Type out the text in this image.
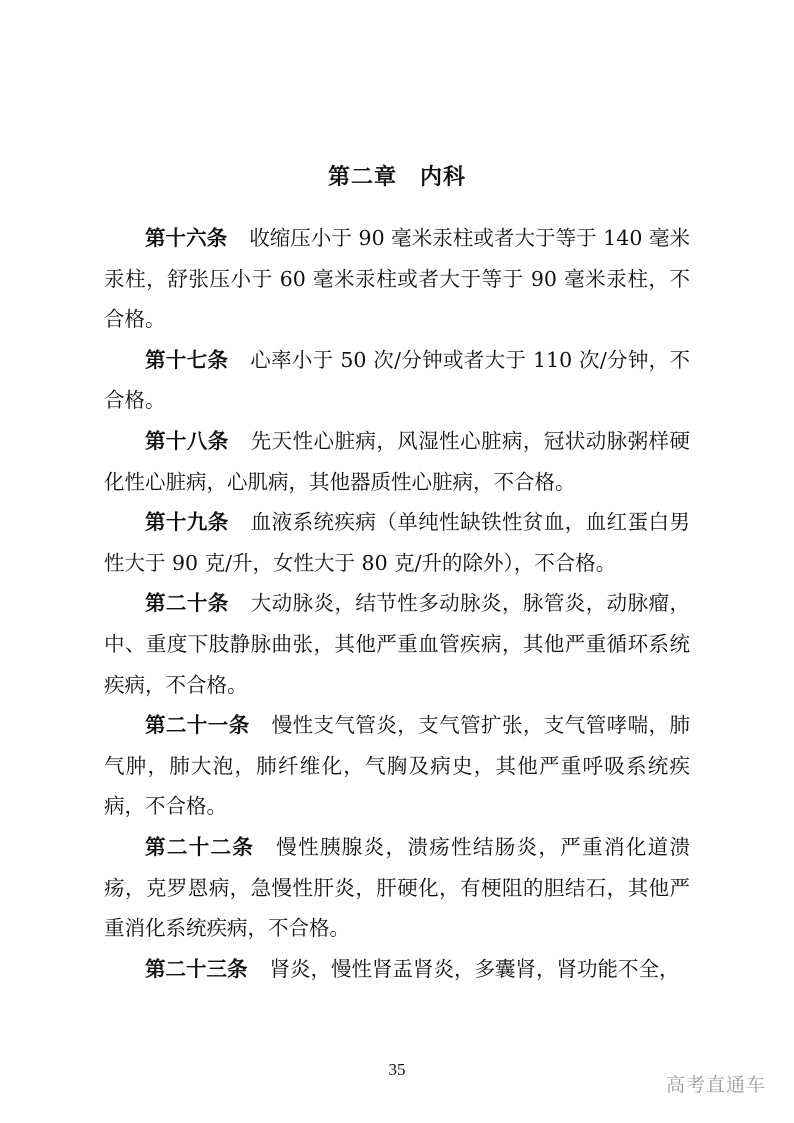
第二章　内科

第十六条 收缩压小于 90 毫米汞柱或者大于等于 140 毫米汞柱，舒张压小于 60 毫米汞柱或者大于等于 90 毫米汞柱，不合格。

第十七条 心率小于 50 次/分钟或者大于 110 次/分钟，不合格。

第十八条 先天性心脏病，风湿性心脏病，冠状动脉粥样硬化性心脏病，心肌病，其他器质性心脏病，不合格。

第十九条 血液系统疾病（单纯性缺铁性贫血，血红蛋白男性大于 90 克/升，女性大于 80 克/升的除外），不合格。

第二十条 大动脉炎，结节性多动脉炎，脉管炎，动脉瘤，中、重度下肢静脉曲张，其他严重血管疾病，其他严重循环系统疾病，不合格。

第二十一条 慢性支气管炎，支气管扩张，支气管哮喘，肺气肿，肺大泡，肺纤维化，气胸及病史，其他严重呼吸系统疾病，不合格。

第二十二条 慢性胰腺炎，溃疡性结肠炎，严重消化道溃疡，克罗恩病，急慢性肝炎，肝硬化，有梗阻的胆结石，其他严重消化系统疾病，不合格。

第二十三条 肾炎，慢性肾盂肾炎，多囊肾，肾功能不全，

35
高考直通车
